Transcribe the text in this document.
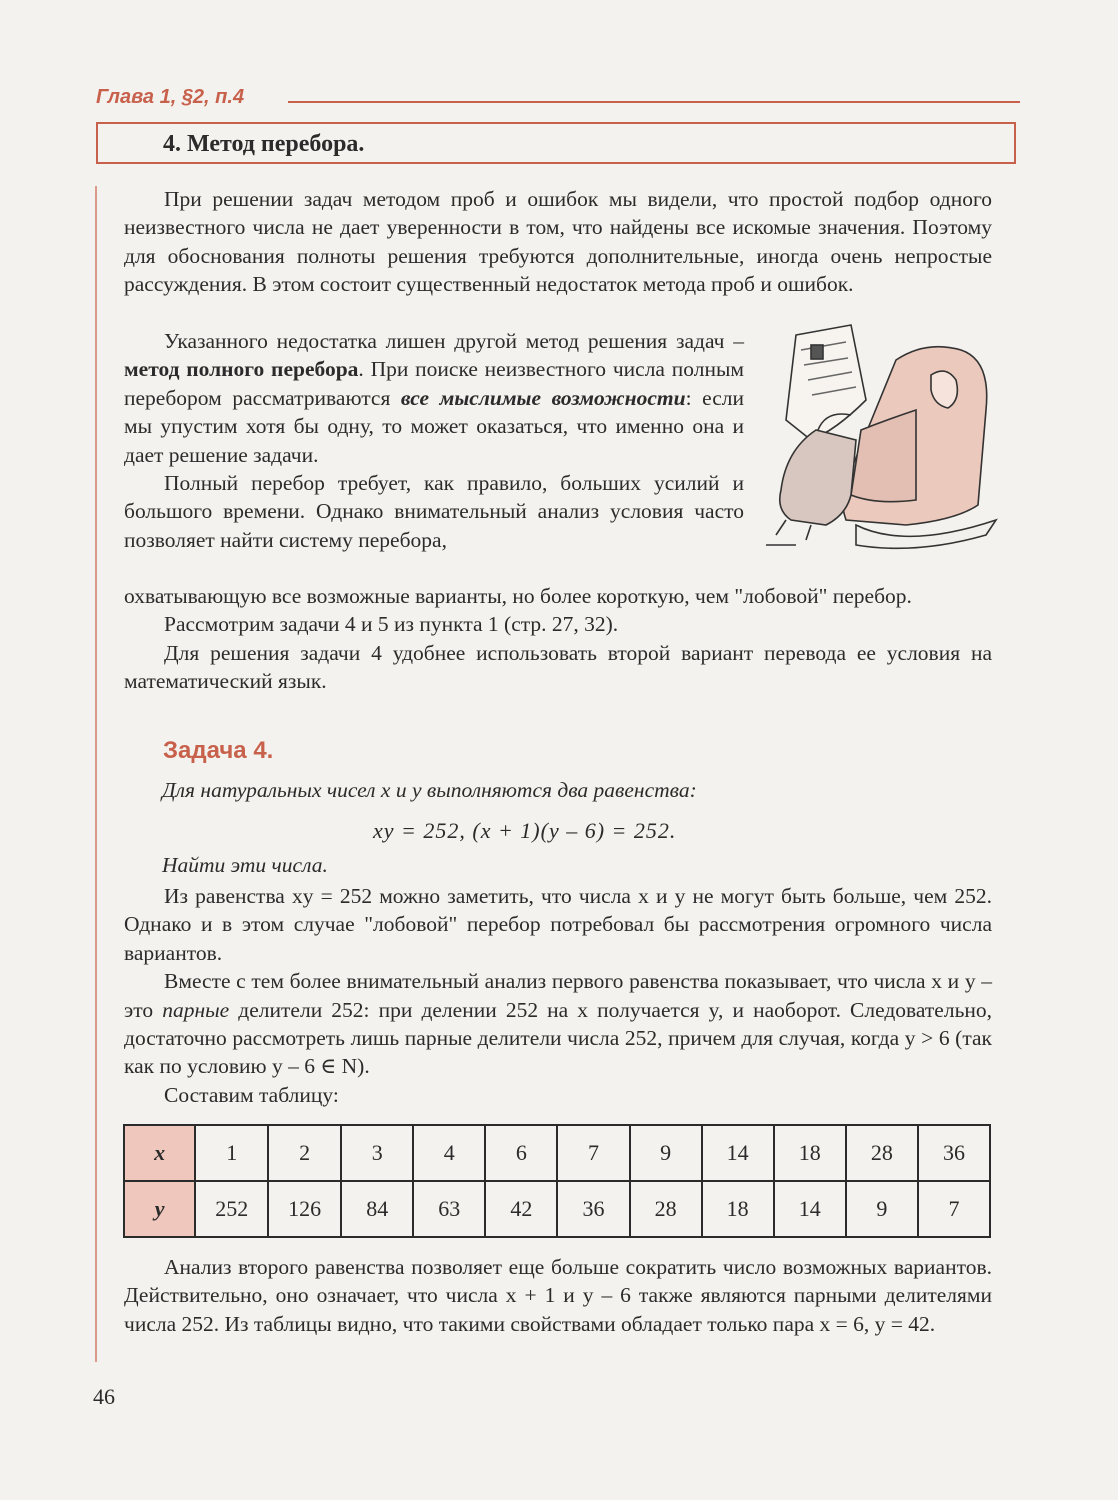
Глава 1, §2, п.4
4. Метод перебора.

При решении задач методом проб и ошибок мы видели, что простой подбор одного неизвестного числа не дает уверенности в том, что найдены все искомые значения. Поэтому для обоснования полноты решения требуются дополнительные, иногда очень непростые рассуждения. В этом состоит существенный недостаток метода проб и ошибок.

Указанного недостатка лишен другой метод решения задач – метод полного перебора. При поиске неизвестного числа полным перебором рассматриваются все мыслимые возможности: если мы упустим хотя бы одну, то может оказаться, что именно она и дает решение задачи.

Полный перебор требует, как правило, больших усилий и большого времени. Однако внимательный анализ условия часто позволяет найти систему перебора,

охватывающую все возможные варианты, но более короткую, чем "лобовой" перебор.

Рассмотрим задачи 4 и 5 из пункта 1 (стр. 27, 32).

Для решения задачи 4 удобнее использовать второй вариант перевода ее условия на математический язык.

Задача 4.
Для натуральных чисел x и y выполняются два равенства:
xy = 252, (x + 1)(y – 6) = 252.
Найти эти числа.

Из равенства xy = 252 можно заметить, что числа x и y не могут быть больше, чем 252. Однако и в этом случае "лобовой" перебор потребовал бы рассмотрения огромного числа вариантов.

Вместе с тем более внимательный анализ первого равенства показывает, что числа x и y – это парные делители 252: при делении 252 на x получается y, и наоборот. Следовательно, достаточно рассмотреть лишь парные делители числа 252, причем для случая, когда y > 6 (так как по условию y – 6 ∈ N).

Составим таблицу:

x	1	2	3	4	6	7	9	14	18	28	36
y	252	126	84	63	42	36	28	18	14	9	7

Анализ второго равенства позволяет еще больше сократить число возможных вариантов. Действительно, оно означает, что числа x + 1 и y – 6 также являются парными делителями числа 252. Из таблицы видно, что такими свойствами обладает только пара x = 6, y = 42.

46
